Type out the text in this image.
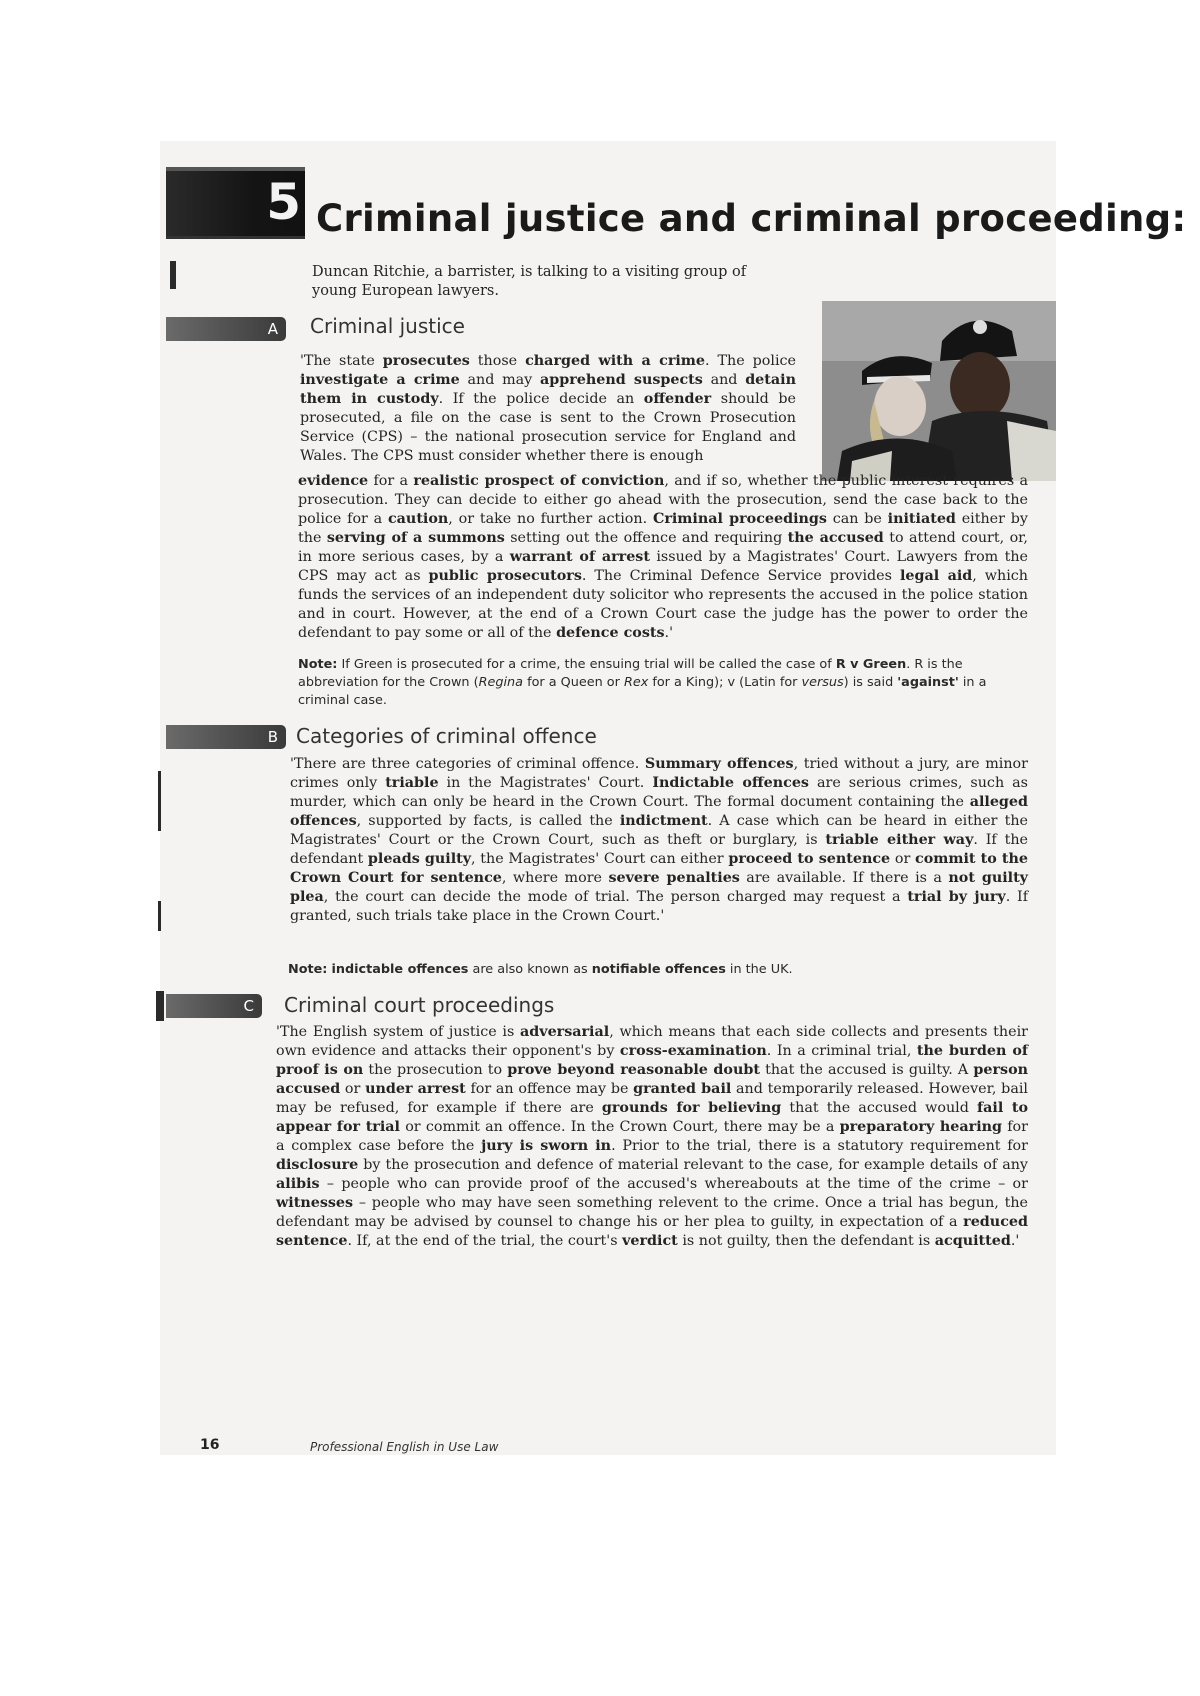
5 Criminal justice and criminal proceeding:
Duncan Ritchie, a barrister, is talking to a visiting group of young European lawyers.
A Criminal justice
'The state prosecutes those charged with a crime. The police investigate a crime and may apprehend suspects and detain them in custody. If the police decide an offender should be prosecuted, a file on the case is sent to the Crown Prosecution Service (CPS) – the national prosecution service for England and Wales. The CPS must consider whether there is enough
evidence for a realistic prospect of conviction, and if so, whether the public interest requires a prosecution. They can decide to either go ahead with the prosecution, send the case back to the police for a caution, or take no further action. Criminal proceedings can be initiated either by the serving of a summons setting out the offence and requiring the accused to attend court, or, in more serious cases, by a warrant of arrest issued by a Magistrates' Court. Lawyers from the CPS may act as public prosecutors. The Criminal Defence Service provides legal aid, which funds the services of an independent duty solicitor who represents the accused in the police station and in court. However, at the end of a Crown Court case the judge has the power to order the defendant to pay some or all of the defence costs.'
Note: If Green is prosecuted for a crime, the ensuing trial will be called the case of R v Green. R is the abbreviation for the Crown (Regina for a Queen or Rex for a King); v (Latin for versus) is said 'against' in a criminal case.
B Categories of criminal offence
'There are three categories of criminal offence. Summary offences, tried without a jury, are minor crimes only triable in the Magistrates' Court. Indictable offences are serious crimes, such as murder, which can only be heard in the Crown Court. The formal document containing the alleged offences, supported by facts, is called the indictment. A case which can be heard in either the Magistrates' Court or the Crown Court, such as theft or burglary, is triable either way. If the defendant pleads guilty, the Magistrates' Court can either proceed to sentence or commit to the Crown Court for sentence, where more severe penalties are available. If there is a not guilty plea, the court can decide the mode of trial. The person charged may request a trial by jury. If granted, such trials take place in the Crown Court.'
Note: indictable offences are also known as notifiable offences in the UK.
C Criminal court proceedings
'The English system of justice is adversarial, which means that each side collects and presents their own evidence and attacks their opponent's by cross-examination. In a criminal trial, the burden of proof is on the prosecution to prove beyond reasonable doubt that the accused is guilty. A person accused or under arrest for an offence may be granted bail and temporarily released. However, bail may be refused, for example if there are grounds for believing that the accused would fail to appear for trial or commit an offence. In the Crown Court, there may be a preparatory hearing for a complex case before the jury is sworn in. Prior to the trial, there is a statutory requirement for disclosure by the prosecution and defence of material relevant to the case, for example details of any alibis – people who can provide proof of the accused's whereabouts at the time of the crime – or witnesses – people who may have seen something relevent to the crime. Once a trial has begun, the defendant may be advised by counsel to change his or her plea to guilty, in expectation of a reduced sentence. If, at the end of the trial, the court's verdict is not guilty, then the defendant is acquitted.'
16	Professional English in Use Law
